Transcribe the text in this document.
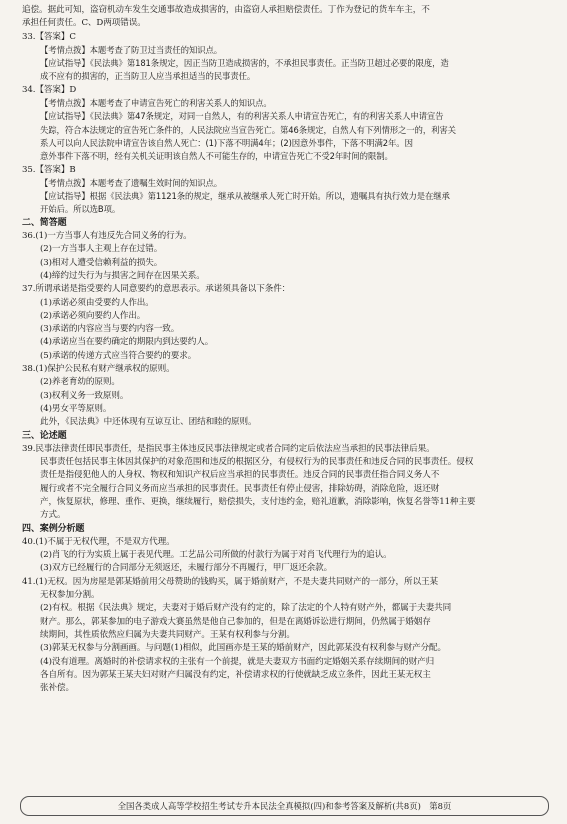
追偿。据此可知，盗窃机动车发生交通事故造成损害的，由盗窃人承担赔偿责任。丁作为登记的货车车主，不

承担任何责任。C、D两项错误。

33.【答案】C

【考情点拨】本题考查了防卫过当责任的知识点。

【应试指导】《民法典》第181条规定，因正当防卫造成损害的，不承担民事责任。正当防卫超过必要的限度，造

成不应有的损害的，正当防卫人应当承担适当的民事责任。

34.【答案】D

【考情点拨】本题考查了申请宣告死亡的利害关系人的知识点。

【应试指导】《民法典》第47条规定，对同一自然人，有的利害关系人申请宣告死亡，有的利害关系人申请宣告

失踪，符合本法规定的宣告死亡条件的，人民法院应当宣告死亡。第46条规定，自然人有下列情形之一的，利害关

系人可以向人民法院申请宣告该自然人死亡：(1)下落不明满4年；(2)因意外事件，下落不明满2年。因

意外事件下落不明，经有关机关证明该自然人不可能生存的，申请宣告死亡不受2年时间的限制。

35.【答案】B

【考情点拨】本题考查了遗嘱生效时间的知识点。

【应试指导】根据《民法典》第1121条的规定，继承从被继承人死亡时开始。所以，遗嘱具有执行效力是在继承

开始后。所以选B项。

二、简答题

36.(1)一方当事人有违反先合同义务的行为。

(2)一方当事人主观上存在过错。

(3)相对人遭受信赖利益的损失。

(4)缔约过失行为与损害之间存在因果关系。

37.所谓承诺是指受要约人同意要约的意思表示。承诺须具备以下条件：

(1)承诺必须由受要约人作出。

(2)承诺必须向要约人作出。

(3)承诺的内容应当与要约内容一致。

(4)承诺应当在要约确定的期限内到达要约人。

(5)承诺的传递方式应当符合要约的要求。

38.(1)保护公民私有财产继承权的原则。

(2)养老育幼的原则。

(3)权利义务一致原则。

(4)男女平等原则。

此外，《民法典》中还体现有互谅互让、团结和睦的原则。

三、论述题

39.民事法律责任即民事责任，是指民事主体违反民事法律规定或者合同约定后依法应当承担的民事法律后果。

民事责任包括民事主体因其保护的对象范围和违反的根据区分，有侵权行为的民事责任和违反合同的民事责任。侵权

责任是指侵犯他人的人身权、物权和知识产权后应当承担的民事责任。违反合同的民事责任指合同义务人不

履行或者不完全履行合同义务而应当承担的民事责任。民事责任有停止侵害，排除妨碍，消除危险，返还财

产，恢复原状，修理、重作、更换，继续履行，赔偿损失，支付违约金，赔礼道歉，消除影响，恢复名誉等11种主要

方式。

四、案例分析题

40.(1)不属于无权代理，不是双方代理。

(2)肖飞的行为实质上属于表见代理。工艺品公司所做的付款行为属于对肖飞代理行为的追认。

(3)双方已经履行的合同部分无须返还，未履行部分不再履行，甲厂返还余款。

41.(1)无权。因为房屋是郭某婚前用父母赞助的钱购买，属于婚前财产，不是夫妻共同财产的一部分，所以王某

无权参加分割。

(2)有权。根据《民法典》规定，夫妻对于婚后财产没有约定的，除了法定的个人特有财产外，都属于夫妻共同

财产。那么，郭某参加的电子游戏大赛虽然是他自己参加的，但是在离婚诉讼进行期间，仍然属于婚姻存

续期间，其性质依然应归属为夫妻共同财产。王某有权利参与分割。

(3)郭某无权参与分割画画。与问题(1)相似，此国画亦是王某的婚前财产，因此郭某没有权利参与财产分配。

(4)没有道理。离婚时的补偿请求权的主张有一个前提，就是夫妻双方书面约定婚姻关系存续期间的财产归

各自所有。因为郭某王某夫妇对财产归属没有约定，补偿请求权的行使就缺乏成立条件，因此王某无权主

张补偿。

全国各类成人高等学校招生考试专升本民法全真模拟(四)和参考答案及解析(共8页)　第8页
